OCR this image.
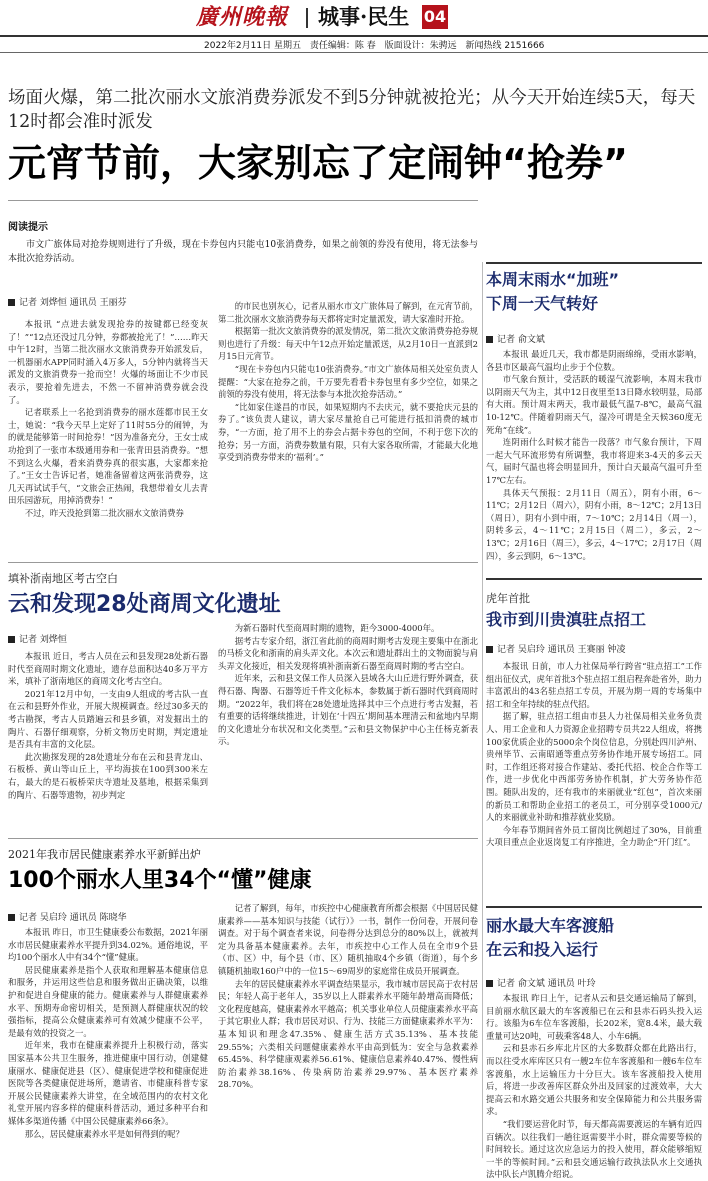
廣州晚報	城事·民生 04
2022年2月11日 星期五 责任编辑：陈 春 版面设计：朱骋远 新闻热线 2151666
场面火爆，第二批次丽水文旅消费券派发不到5分钟就被抢光；从今天开始连续5天，每天12时都会准时派发
元宵节前，大家别忘了定闹钟“抢券”
阅读提示
市文广旅体局对抢券规则进行了升级，现在卡券包内只能屯10张消费券，如果之前领的券没有使用，将无法参与本批次抢券活动。
记者 刘烨恒 通讯员 王丽芬

本报讯 “点进去就发现抢券的按键都已经变灰了！”“12点还没过几分钟，券都被抢光了！”……昨天中午12时，当第二批次丽水文旅消费券开始派发后，一机器丽水APP同时涌入4万多人，5分钟内就将当天派发的文旅消费券一抢而空！火爆的场面让不少市民表示，要抢着先进去，不然一不留神消费券就会没了。

记者联系上一名抢到消费券的丽水莲都市民王女士，她说：“我今天早上定好了11时55分的闹钟，为的就是能够第一时间抢券！”因为准备充分，王女士成功抢到了一张市本级通用券和一张青田县消费券。“想不到这么火爆，看来消费券真的很实惠，大家都来抢了。”王女士告诉记者，她准备留着这两张消费券，这几天再试试手气，“文旅会正热闹，我想带着女儿去青田乐园游玩，用掉消费券！”

不过，昨天没抢到第二批次丽水文旅消费券

的市民也别灰心，记者从丽水市文广旅体局了解到，在元宵节前，第二批次丽水文旅消费券每天都将定时定量派发，请大家准时开抢。

根据第一批次文旅消费券的派发情况，第二批次文旅消费券抢券规则也进行了升级：每天中午12点开始定量派送，从2月10日一直派到2月15日元宵节。

“现在卡券包内只能屯10张消费券。”市文广旅体局相关处室负责人提醒：“大家在抢券之前，千万要先看看卡券包里有多少空位，如果之前领的券没有使用，将无法参与本批次抢券活动。”

“比如家住遂昌的市民，如果短期内不去庆元，就不要抢庆元县的券了。”该负责人建议，请大家尽量抢自己可能进行抵扣消费的城市券，“一方面，抢了用不上的券会占据卡券包的空间，不利于您下次的抢券；另一方面，消费券数量有限，只有大家各取所需，才能最大化地享受到消费券带来的‘福利’。”

填补浙南地区考古空白
云和发现28处商周文化遗址
记者 刘烨恒

本报讯 近日，考古人员在云和县发现28处新石器时代至商周时期文化遗址，遗存总面积达40多万平方米，填补了浙南地区的商周文化考古空白。

2021年12月中旬，一支由9人组成的考古队一直在云和县野外作业，开展大规模调查。经过30多天的考古勘探，考古人员踏遍云和县乡镇，对发掘出土的陶片、石器仔细观察，分析文物历史时期，判定遗址是否具有丰富的文化层。

此次勘探发现的28处遗址分布在云和县青龙山、石板桥、黄山等山丘上，平均海拔在100到300米左右，最大的是石板桥荣庆寺遗址及墓地，根据采集到的陶片、石器等遗物，初步判定

为新石器时代至商周时期的遗物，距今3000-4000年。

据考古专家介绍，浙江省此前的商周时期考古发现主要集中在浙北的马桥文化和浙南的肩头弄文化。本次云和遗址群出土的文物面貌与肩头弄文化接近，相关发现将填补浙南新石器至商周时期的考古空白。

近年来，云和县文保工作人员深入县域各大山丘进行野外调查，获得石器、陶器、石器等近千件文化标本，参数属于新石器时代到商周时期。“2022年，我们将在28处遗址选择其中三个点进行考古发掘，若有重要的话将继续推进，计划在‘十四五’期间基本理清云和盆地内早期的文化遗址分布状况和文化类型。”云和县文物保护中心主任杨克新表示。

2021年我市居民健康素养水平新鲜出炉
100个丽水人里34个“懂”健康
记者 吴启玲 通讯员 陈晓华

本报讯 昨日，市卫生健康委公布数据，2021年丽水市居民健康素养水平提升到34.02%。通俗地说，平均100个丽水人中有34个“懂”健康。

居民健康素养是指个人获取和理解基本健康信息和服务，并运用这些信息和服务做出正确决策，以维护和促进自身健康的能力。健康素养与人群健康素养水平、预期寿命密切相关，是预测人群健康状况的较强指标，提高公众健康素养可有效减少健康不公平，是最有效的投资之一。

近年来，我市在健康素养提升上积极行动，落实国家基本公共卫生服务，推进健康中国行动，创建健康丽水、健康促进县（区）、健康促进学校和健康促进医院等各类健康促进场所，邀请省、市健康科普专家开展公民健康素养大讲堂，在全域范围内的农村文化礼堂开展内容多样的健康科普活动，通过多种平台和媒体多渠道传播《中国公民健康素养66条》。

那么，居民健康素养水平是如何得到的呢？

记者了解到，每年，市疾控中心健康教育所都会根据《中国居民健康素养——基本知识与技能（试行）》一书，制作一份问卷，开展问卷调查。对于每个调查者来说，问卷得分达到总分的80%以上，就被判定为具备基本健康素养。去年，市疾控中心工作人员在全市9个县（市、区）中，每个县（市、区）随机抽取4个乡镇（街道），每个乡镇随机抽取160户中的一位15～69周岁的家庭常住成员开展调查。

去年的居民健康素养水平调查结果显示，我市城市居民高于农村居民；年轻人高于老年人，35岁以上人群素养水平随年龄增高而降低；文化程度越高，健康素养水平越高；机关事业单位人员健康素养水平高于其它职业人群；我市居民对识、行为、技能三方面健康素养水平为：基本知识和理念47.35%、健康生活方式35.13%、基本技能29.55%；六类相关问题健康素养水平由高到低为：安全与急救素养65.45%、科学健康观素养56.61%、健康信息素养40.47%、慢性病防治素养38.16%、传染病防治素养29.97%、基本医疗素养28.70%。

本周末雨水“加班”
下周一天气转好
记者 俞文斌

本报讯 最近几天，我市都是阴雨绵绵，受雨水影响，各县市区最高气温均止步于个位数。

市气象台预计，受活跃的暖湿气流影响，本周末我市以阴雨天气为主，其中12日夜里至13日降水较明显，局部有大雨。预计周末两天，我市最低气温7-8℃，最高气温10-12℃。伴随着阴雨天气，湿冷可谓是全天候360度无死角“在线”。

连阴雨什么时候才能告一段落？市气象台预计，下周一起大气环流形势有所调整，我市将迎来3-4天的多云天气，届时气温也将会明显回升，预计白天最高气温可升至17℃左右。

具体天气预报：2月11日（周五），阴有小雨，6～11℃；2月12日（周六），阴有小雨，8～12℃；2月13日（周日），阴有小到中雨，7～10℃；2月14日（周一），阴转多云，4～11℃；2月15日（周二），多云，2～13℃；2月16日（周三），多云，4～17℃；2月17日（周四），多云到阴，6～13℃。

虎年首批
我市到川贵滇驻点招工
记者 吴启玲 通讯员 王赛丽 钟凌

本报讯 日前，市人力社保局举行跨省“驻点招工”工作组出征仪式，虎年首批3个驻点招工组启程奔赴省外，助力丰富派出的43名驻点招工专员，开展为期一周的专场集中招工和全年持续的驻点代招。

据了解，驻点招工组由市县人力社保局相关业务负责人、用工企业和人力资源企业招聘专员共22人组成，将携100家优质企业的5000余个岗位信息，分别赴四川泸州、贵州毕节、云南昭通等重点劳务协作地开展专场招工。同时，工作组还将对接合作建站、委托代招、校企合作等工作，进一步优化中西部劳务协作机制，扩大劳务协作范围。随队出发的，还有我市的来丽就业“红包”，首次来丽的新员工和帮助企业招工的老员工，可分别享受1000元/人的来丽就业补助和推荐就业奖励。

今年春节期间省外员工留岗比例超过了30%，目前重大项目重点企业返岗复工有序推进，全力助企“开门红”。

丽水最大车客渡船
在云和投入运行
记者 俞文斌 通讯员 叶玲

本报讯 昨日上午，记者从云和县交通运输局了解到，目前丽水航区最大的车客渡船已在云和县赤石码头投入运行。该船为6车位车客渡船，长202米，宽8.4米，最大载重量可达20吨，可载乘客48人、小车6辆。

云和县赤石乡库北片区的大多数群众都在此路出行，而以往受水库库区只有一艘2车位车客渡船和一艘6车位车客渡船，水上运输压力十分巨大。该车客渡船投入使用后，将进一步改善库区群众外出及回家的过渡效率，大大提高云和水路交通公共服务和安全保障能力和公共服务需求。

“我们要运营化时节，每天都高需要渡运的车辆有近四百辆次。以往我们一趟往返需要半小时，群众需要等候的时间较长。通过这次应急运力的投入使用，群众能够缩短一半的等候时间。”云和县交通运输行政执法队水上交通执法中队长卢凯腾介绍说。
